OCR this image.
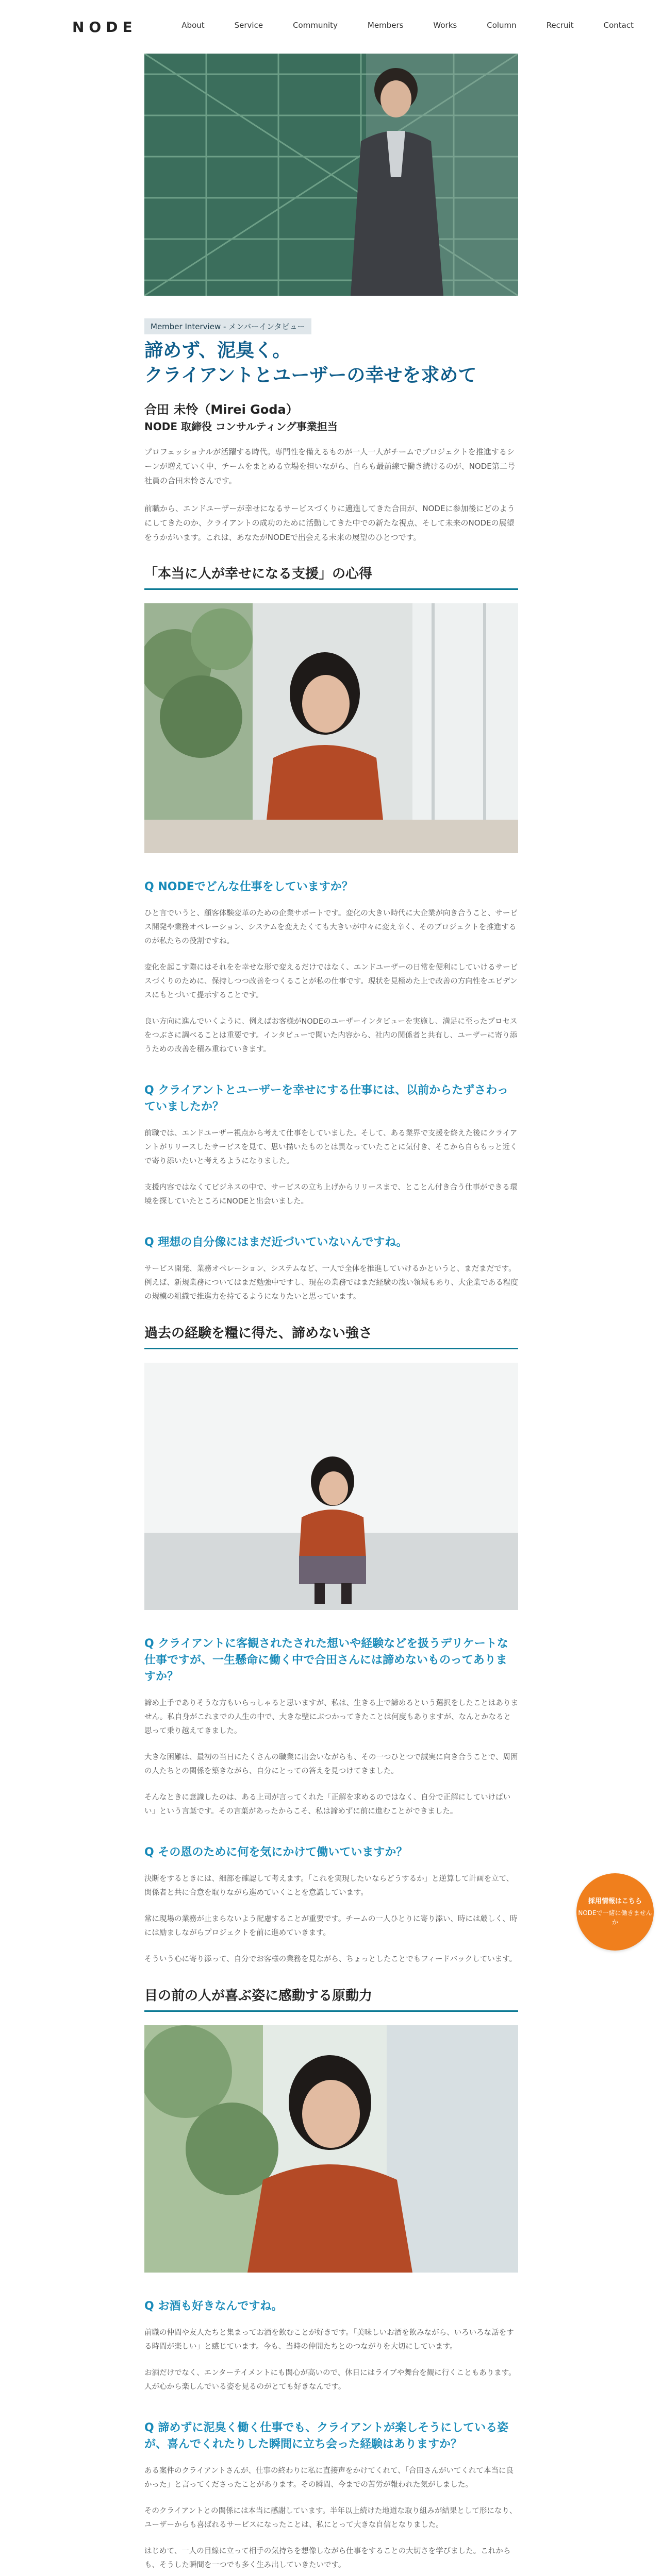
NODE	About	Service	Community	Members	Works	Column	Recruit	Contact
Member Interview - メンバーインタビュー
諦めず、泥臭く。
クライアントとユーザーの幸せを求めて
合田 未怜（Mirei Goda）
NODE 取締役 コンサルティング事業担当

プロフェッショナルが活躍する時代。専門性を備えるものが一人一人がチームでプロジェクトを推進するシーンが増えていく中、チームをまとめる立場を担いながら、自らも最前線で働き続けるのが、NODE第二号社員の合田未怜さんです。

前職から、エンドユーザーが幸せになるサービスづくりに邁進してきた合田が、NODEに参加後にどのようにしてきたのか、クライアントの成功のために活動してきた中での新たな視点、そして未来のNODEの展望をうかがいます。これは、あなたがNODEで出会える未来の展望のひとつです。

「本当に人が幸せになる支援」の心得
Q NODEでどんな仕事をしていますか？

ひと言でいうと、顧客体験変革のための企業サポートです。変化の大きい時代に大企業が向き合うこと、サービス開発や業務オペレーション、システムを変えたくても大きいが中々に変え辛く、そのプロジェクトを推進するのが私たちの役割ですね。

変化を起こす際にはそれをを幸せな形で変えるだけではなく、エンドユーザーの日常を便利にしていけるサービスづくりのために、保持しつつ改善をつくることが私の仕事です。現状を見極めた上で改善の方向性をエビデンスにもとづいて提示することです。

良い方向に進んでいくように、例えばお客様がNODEのユーザーインタビューを実施し、満足に至ったプロセスをつぶさに調べることは重要です。インタビューで聞いた内容から、社内の関係者と共有し、ユーザーに寄り添うための改善を積み重ねていきます。

Q クライアントとユーザーを幸せにする仕事には、以前からたずさわっていましたか？

前職では、エンドユーザー視点から考えて仕事をしていました。そして、ある業界で支援を終えた後にクライアントがリリースしたサービスを見て、思い描いたものとは異なっていたことに気付き、そこから自らもっと近くで寄り添いたいと考えるようになりました。

支援内容ではなくてビジネスの中で、サービスの立ち上げからリリースまで、とことん付き合う仕事ができる環境を探していたところにNODEと出会いました。

Q 理想の自分像にはまだ近づいていないんですね。

サービス開発、業務オペレーション、システムなど、一人で全体を推進していけるかというと、まだまだです。例えば、新規業務についてはまだ勉強中ですし、現在の業務ではまだ経験の浅い領域もあり、大企業である程度の規模の組織で推進力を持てるようになりたいと思っています。

過去の経験を糧に得た、諦めない強さ
Q クライアントに客観されたされた想いや経験などを扱うデリケートな仕事ですが、一生懸命に働く中で合田さんには諦めないものってありますか？

諦め上手でありそうな方もいらっしゃると思いますが、私は、生きる上で諦めるという選択をしたことはありません。私自身がこれまでの人生の中で、大きな壁にぶつかってきたことは何度もありますが、なんとかなると思って乗り越えてきました。

大きな困難は、最初の当日にたくさんの職業に出会いながらも、その一つひとつで誠実に向き合うことで、周囲の人たちとの関係を築きながら、自分にとっての答えを見つけてきました。

そんなときに意識したのは、ある上司が言ってくれた「正解を求めるのではなく、自分で正解にしていけばいい」という言葉です。その言葉があったからこそ、私は諦めずに前に進むことができました。

Q その恩のために何を気にかけて働いていますか？

決断をするときには、細部を確認して考えます。「これを実現したいならどうするか」と逆算して計画を立て、関係者と共に合意を取りながら進めていくことを意識しています。

常に現場の業務が止まらないよう配慮することが重要です。チームの一人ひとりに寄り添い、時には厳しく、時には励ましながらプロジェクトを前に進めていきます。

そういう心に寄り添って、自分でお客様の業務を見ながら、ちょっとしたことでもフィードバックしています。

目の前の人が喜ぶ姿に感動する原動力
Q お酒も好きなんですね。

前職の仲間や友人たちと集まってお酒を飲むことが好きです。「美味しいお酒を飲みながら、いろいろな話をする時間が楽しい」と感じています。今も、当時の仲間たちとのつながりを大切にしています。

お酒だけでなく、エンターテイメントにも関心が高いので、休日にはライブや舞台を観に行くこともあります。人が心から楽しんでいる姿を見るのがとても好きなんです。

Q 諦めずに泥臭く働く仕事でも、クライアントが楽しそうにしている姿が、喜んでくれたりした瞬間に立ち会った経験はありますか？

ある案件のクライアントさんが、仕事の終わりに私に直接声をかけてくれて、「合田さんがいてくれて本当に良かった」と言ってくださったことがあります。その瞬間、今までの苦労が報われた気がしました。

そのクライアントとの関係には本当に感謝しています。半年以上続けた地道な取り組みが結果として形になり、ユーザーからも喜ばれるサービスになったことは、私にとって大きな自信となりました。

はじめて、一人の目線に立って相手の気持ちを想像しながら仕事をすることの大切さを学びました。これからも、そうした瞬間を一つでも多く生み出していきたいです。

採用情報はこちら
NODEで一緒に働きませんか
